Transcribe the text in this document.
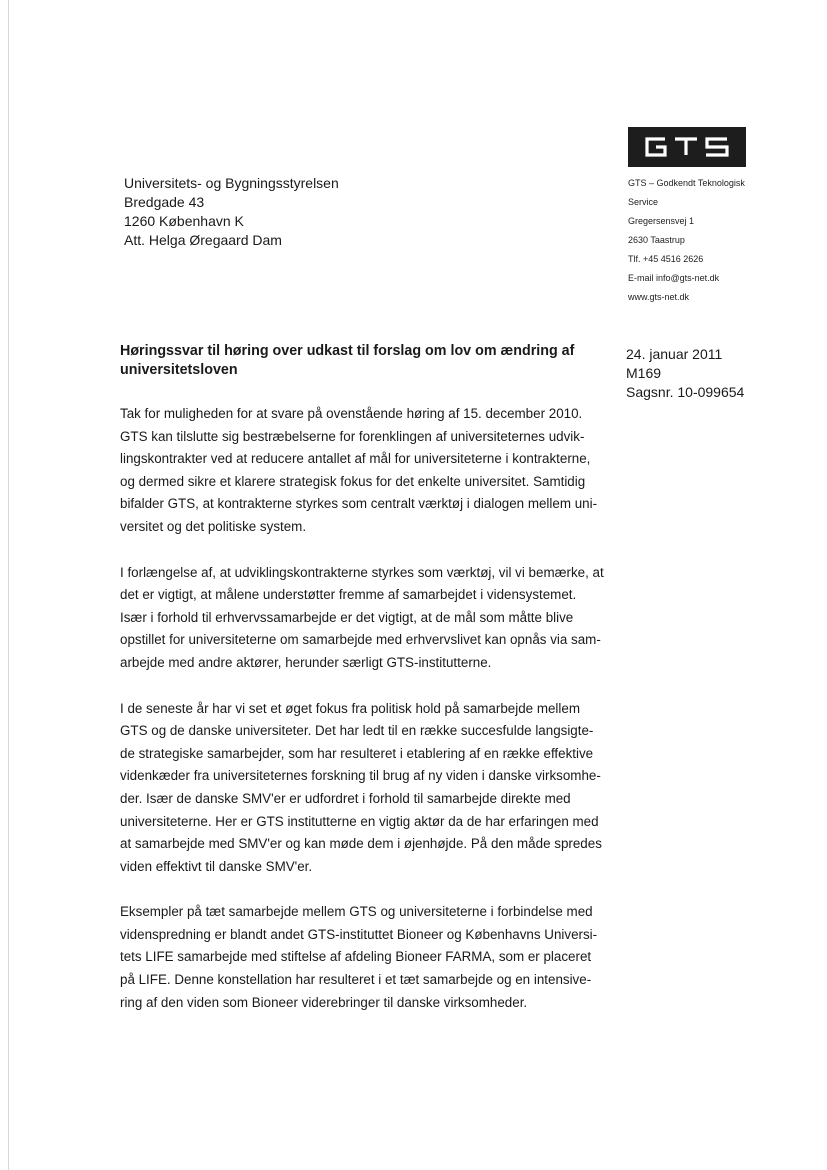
Universitets- og Bygningsstyrelsen
Bredgade 43
1260 København K
Att. Helga Øregaard Dam
GTS – Godkendt Teknologisk
Service
Gregersensvej 1
2630 Taastrup
Tlf. +45 4516 2626
E-mail info@gts-net.dk
www.gts-net.dk
Høringssvar til høring over udkast til forslag om lov om ændring af universitetsloven
24. januar 2011
M169
Sagsnr. 10-099654

Tak for muligheden for at svare på ovenstående høring af 15. december 2010.
GTS kan tilslutte sig bestræbelserne for forenklingen af universiteternes udvik-
lingskontrakter ved at reducere antallet af mål for universiteterne i kontrakterne,
og dermed sikre et klarere strategisk fokus for det enkelte universitet. Samtidig
bifalder GTS, at kontrakterne styrkes som centralt værktøj i dialogen mellem uni-
versitet og det politiske system.

I forlængelse af, at udviklingskontrakterne styrkes som værktøj, vil vi bemærke, at
det er vigtigt, at målene understøtter fremme af samarbejdet i vidensystemet.
Især i forhold til erhvervssamarbejde er det vigtigt, at de mål som måtte blive
opstillet for universiteterne om samarbejde med erhvervslivet kan opnås via sam-
arbejde med andre aktører, herunder særligt GTS-institutterne.

I de seneste år har vi set et øget fokus fra politisk hold på samarbejde mellem
GTS og de danske universiteter. Det har ledt til en række succesfulde langsigte-
de strategiske samarbejder, som har resulteret i etablering af en række effektive
videnkæder fra universiteternes forskning til brug af ny viden i danske virksomhe-
der. Især de danske SMV'er er udfordret i forhold til samarbejde direkte med
universiteterne. Her er GTS institutterne en vigtig aktør da de har erfaringen med
at samarbejde med SMV'er og kan møde dem i øjenhøjde. På den måde spredes
viden effektivt til danske SMV'er.

Eksempler på tæt samarbejde mellem GTS og universiteterne i forbindelse med
videnspredning er blandt andet GTS-instituttet Bioneer og Københavns Universi-
tets LIFE samarbejde med stiftelse af afdeling Bioneer FARMA, som er placeret
på LIFE. Denne konstellation har resulteret i et tæt samarbejde og en intensive-
ring af den viden som Bioneer viderebringer til danske virksomheder.
